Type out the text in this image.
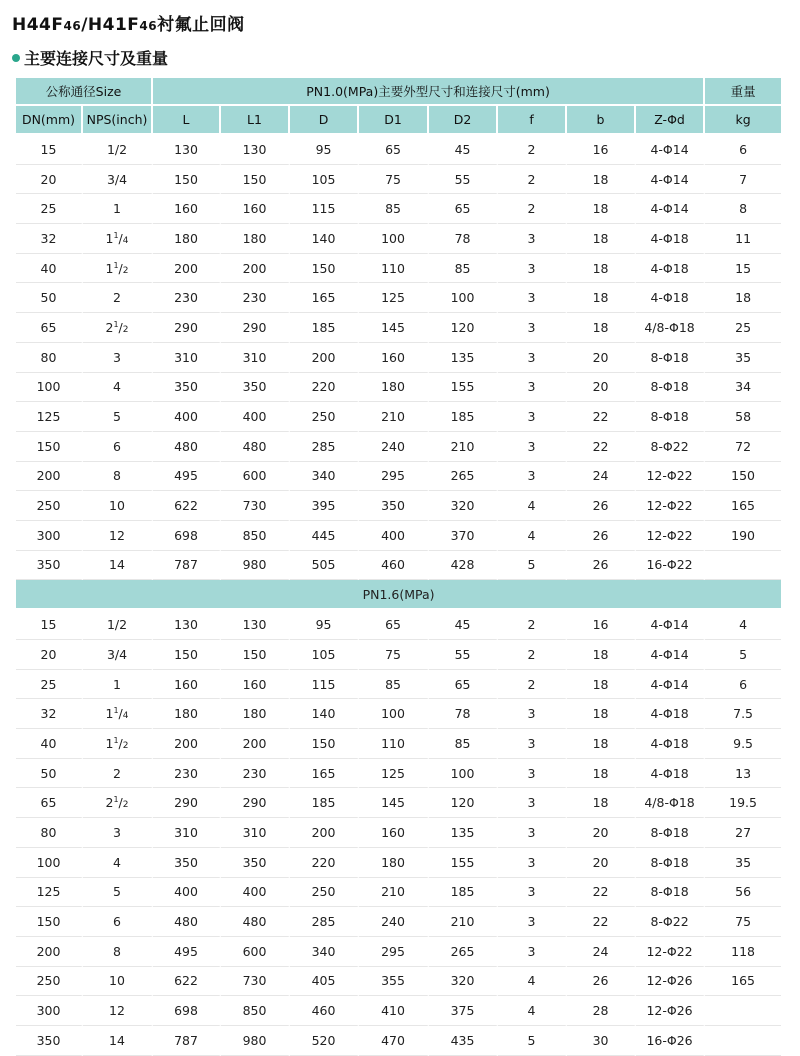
H44F46/H41F46衬氟止回阀
主要连接尺寸及重量
公称通径Size		PN1.0(MPa)主要外型尺寸和连接尺寸(mm)								重量
DN(mm)	NPS(inch)	L	L1	D	D1	D2	f	b	Z-Φd	kg
15	1/2	130	130	95	65	45	2	16	4-Φ14	6
20	3/4	150	150	105	75	55	2	18	4-Φ14	7
25	1	160	160	115	85	65	2	18	4-Φ14	8
32	$1^1/4$	180	180	140	100	78	3	18	4-Φ18	11
40	$1^1/2$	200	200	150	110	85	3	18	4-Φ18	15
50	2	230	230	165	125	100	3	18	4-Φ18	18
65	$2^1/2$	290	290	185	145	120	3	18	4/8-Φ18	25
80	3	310	310	200	160	135	3	20	8-Φ18	35
100	4	350	350	220	180	155	3	20	8-Φ18	34
125	5	400	400	250	210	185	3	22	8-Φ18	58
150	6	480	480	285	240	210	3	22	8-Φ22	72
200	8	495	600	340	295	265	3	24	12-Φ22	150
250	10	622	730	395	350	320	4	26	12-Φ22	165
300	12	698	850	445	400	370	4	26	12-Φ22	190
350	14	787	980	505	460	428	5	26	16-Φ22	
PN1.6(MPa)										
15	1/2	130	130	95	65	45	2	16	4-Φ14	4
20	3/4	150	150	105	75	55	2	18	4-Φ14	5
25	1	160	160	115	85	65	2	18	4-Φ14	6
32	$1^1/4$	180	180	140	100	78	3	18	4-Φ18	7.5
40	$1^1/2$	200	200	150	110	85	3	18	4-Φ18	9.5
50	2	230	230	165	125	100	3	18	4-Φ18	13
65	$2^1/2$	290	290	185	145	120	3	18	4/8-Φ18	19.5
80	3	310	310	200	160	135	3	20	8-Φ18	27
100	4	350	350	220	180	155	3	20	8-Φ18	35
125	5	400	400	250	210	185	3	22	8-Φ18	56
150	6	480	480	285	240	210	3	22	8-Φ22	75
200	8	495	600	340	295	265	3	24	12-Φ22	118
250	10	622	730	405	355	320	4	26	12-Φ26	165
300	12	698	850	460	410	375	4	28	12-Φ26	
350	14	787	980	520	470	435	5	30	16-Φ26	
